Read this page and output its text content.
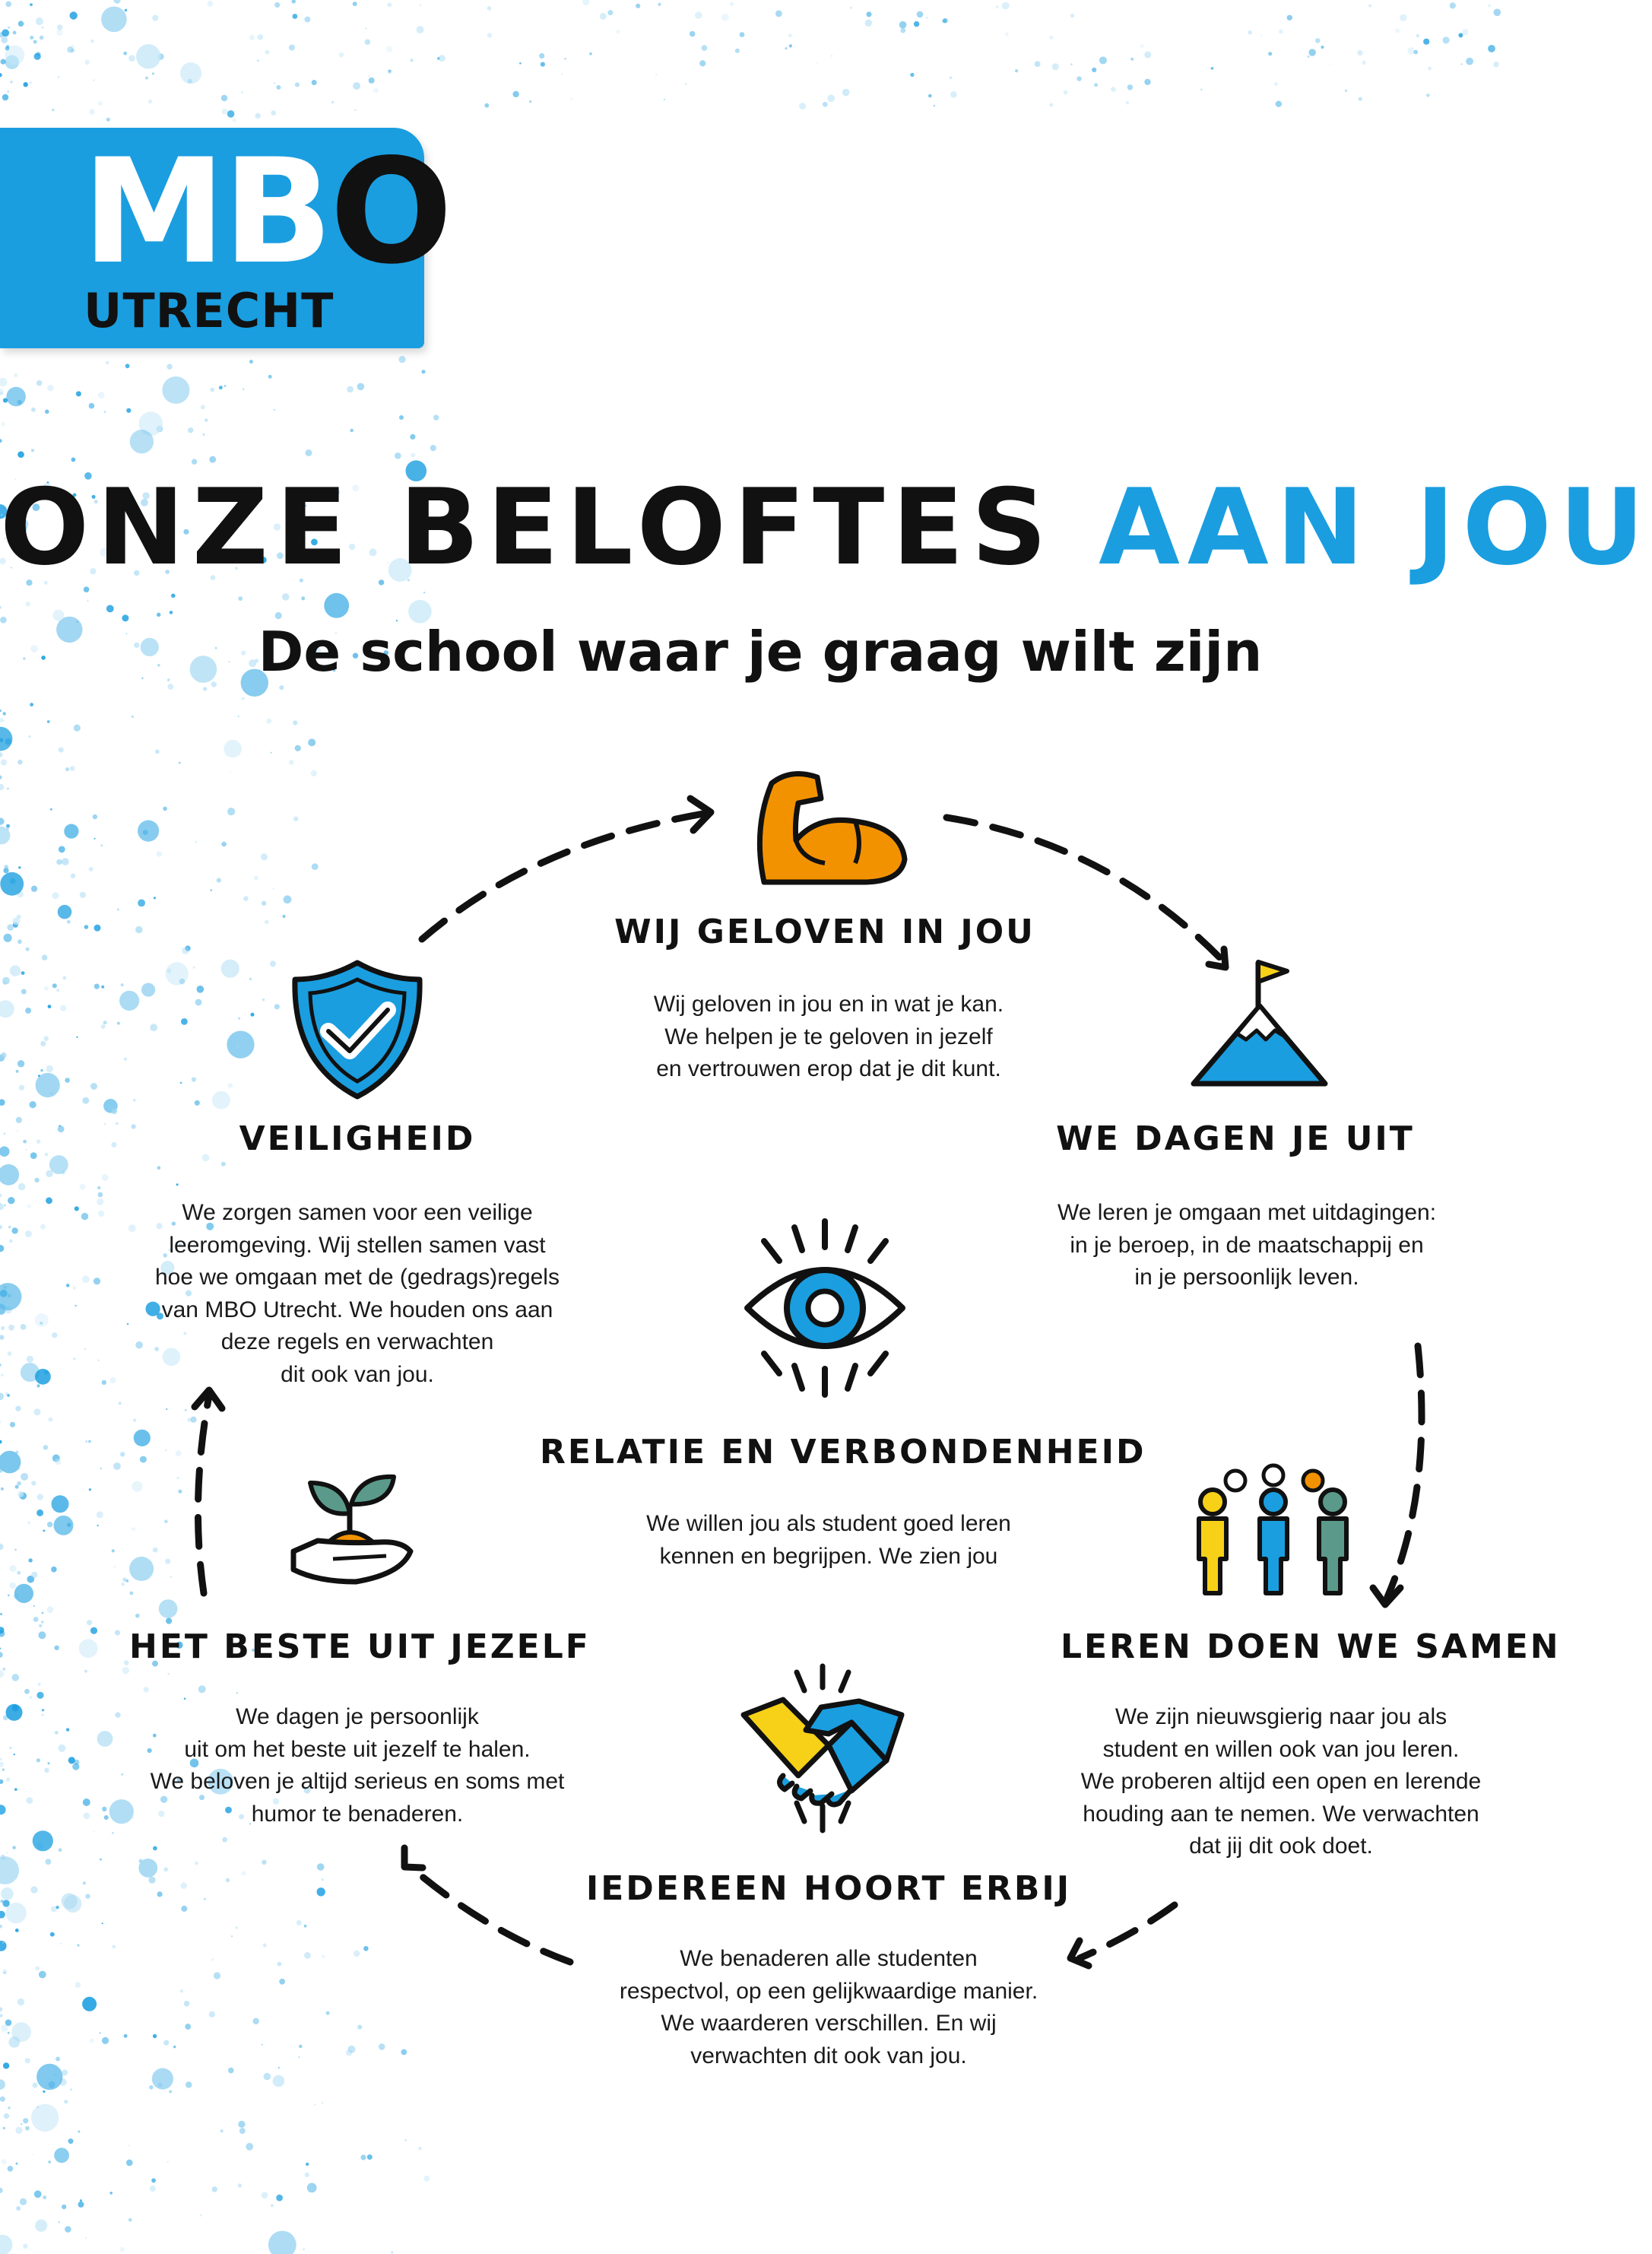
MBO
UTRECHT
ONZE BELOFTES AAN JOU
De school waar je graag wilt zijn
WIJ GELOVEN IN JOU
WE DAGEN JE UIT
VEILIGHEID
RELATIE EN VERBONDENHEID
HET BESTE UIT JEZELF	LEREN DOEN WE SAMEN
IEDEREEN HOORT ERBIJ
Wij geloven in jou en in wat je kan.
We helpen je te geloven in jezelf
en vertrouwen erop dat je dit kunt.
We leren je omgaan met uitdagingen:
in je beroep, in de maatschappij en
in je persoonlijk leven.
We zorgen samen voor een veilige
leeromgeving. Wij stellen samen vast
hoe we omgaan met de (gedrags)regels
van MBO Utrecht. We houden ons aan
deze regels en verwachten
dit ook van jou.
We willen jou als student goed leren
kennen en begrijpen. We zien jou
We dagen je persoonlijk
uit om het beste uit jezelf te halen.
We beloven je altijd serieus en soms met
humor te benaderen.
We zijn nieuwsgierig naar jou als
student en willen ook van jou leren.
We proberen altijd een open en lerende
houding aan te nemen. We verwachten
dat jij dit ook doet.
We benaderen alle studenten
respectvol, op een gelijkwaardige manier.
We waarderen verschillen. En wij
verwachten dit ook van jou.
